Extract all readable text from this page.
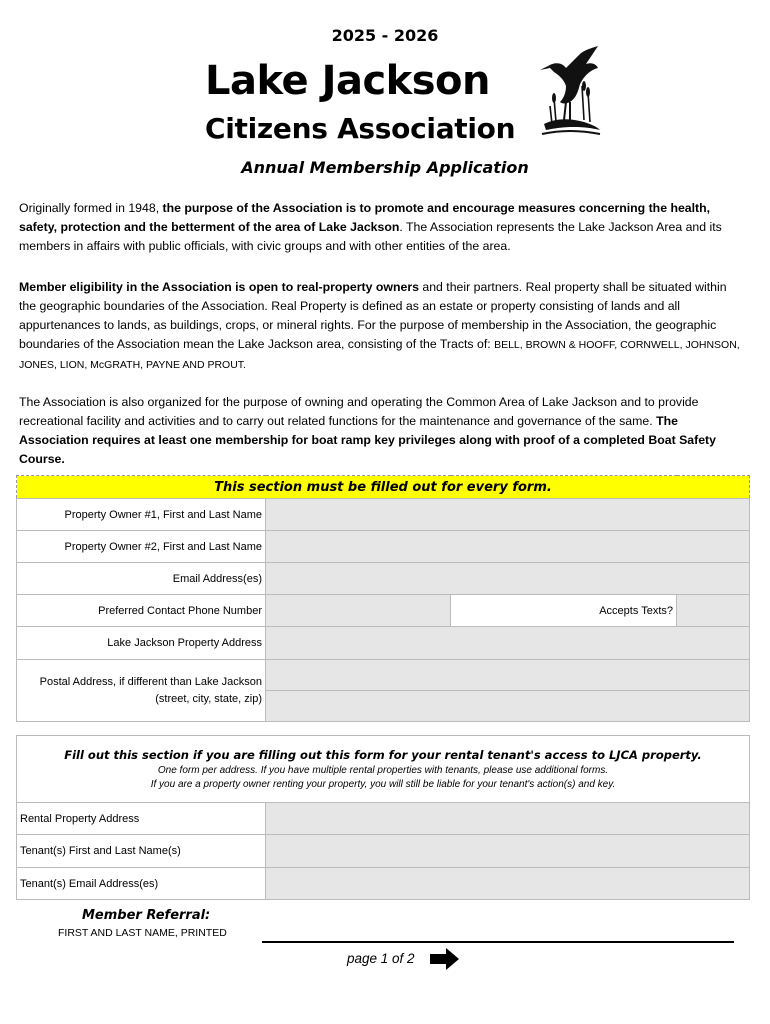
2025 - 2026
Lake Jackson
Citizens Association
Annual Membership Application
Originally formed in 1948, the purpose of the Association is to promote and encourage measures concerning the health, safety, protection and the betterment of the area of Lake Jackson. The Association represents the Lake Jackson Area and its members in affairs with public officials, with civic groups and with other entities of the area.
Member eligibility in the Association is open to real-property owners and their partners. Real property shall be situated within the geographic boundaries of the Association. Real Property is defined as an estate or property consisting of lands and all appurtenances to lands, as buildings, crops, or mineral rights. For the purpose of membership in the Association, the geographic boundaries of the Association mean the Lake Jackson area, consisting of the Tracts of: BELL, BROWN & HOOFF, CORNWELL, JOHNSON, JONES, LION, McGRATH, PAYNE AND PROUT.
The Association is also organized for the purpose of owning and operating the Common Area of Lake Jackson and to provide recreational facility and activities and to carry out related functions for the maintenance and governance of the same. The Association requires at least one membership for boat ramp key privileges along with proof of a completed Boat Safety Course.
This section must be filled out for every form.			
Property Owner #1, First and Last Name			
Property Owner #2, First and Last Name			
Email Address(es)			
Preferred Contact Phone Number		Accepts Texts?	
Lake Jackson Property Address			
Postal Address, if different than Lake Jackson
(street, city, state, zip)			

Fill out this section if you are filling out this form for your rental tenant's access to LJCA property.
One form per address. If you have multiple rental properties with tenants, please use additional forms.
If you are a property owner renting your property, you will still be liable for your tenant's action(s) and key.	

Rental Property Address	
Tenant(s) First and Last Name(s)	
Tenant(s) Email Address(es)	
Member Referral:
FIRST AND LAST NAME, PRINTED
page 1 of 2
